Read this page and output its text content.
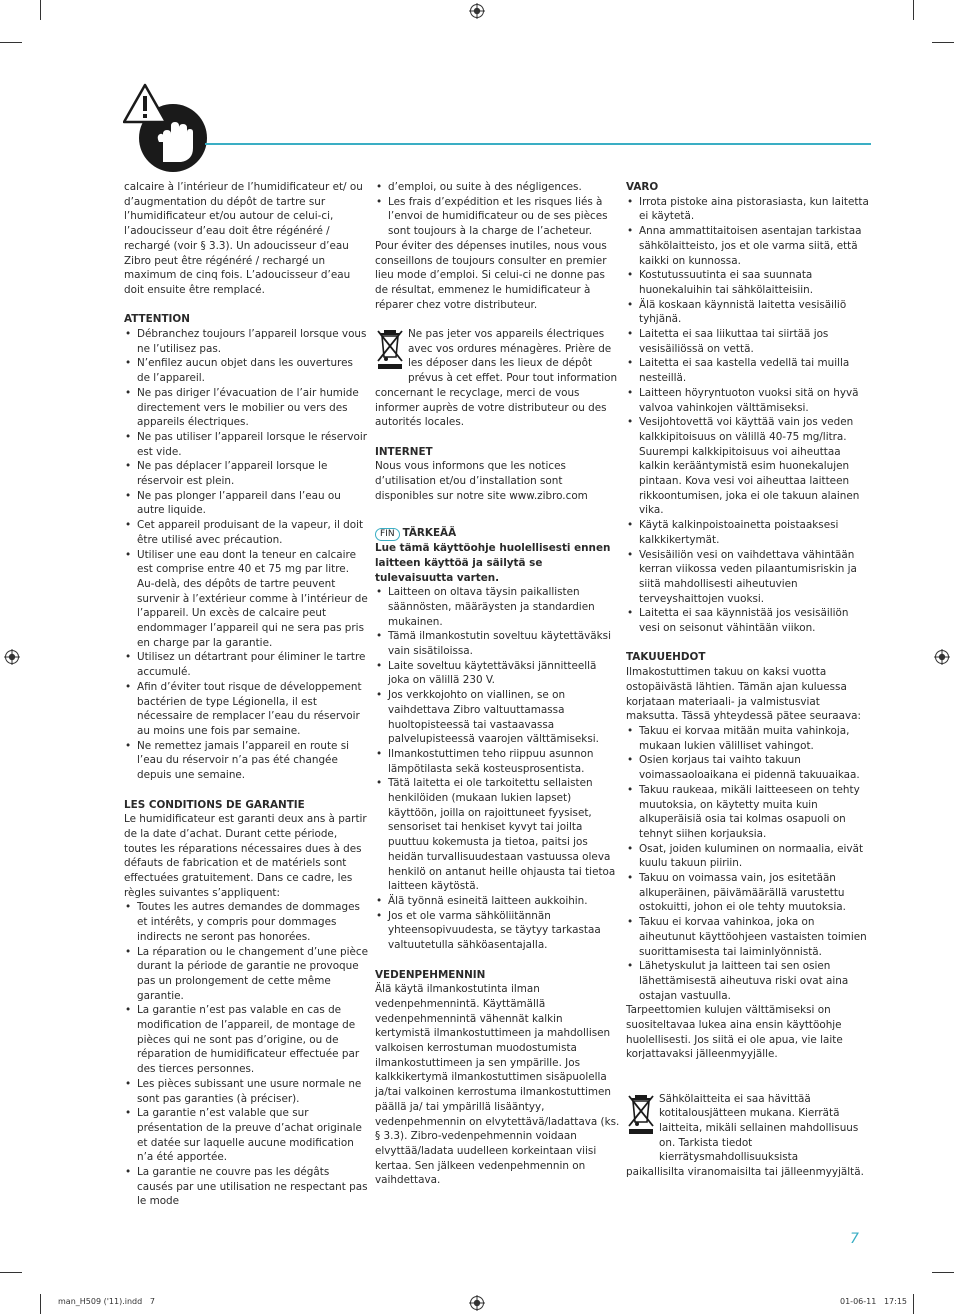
calcaire à l’intérieur de l’humidificateur et/ ou d’augmentation du dépôt de tartre sur l’humidificateur et/ou autour de celui-ci, l’adoucisseur d’eau doit être régénéré / rechargé (voir § 3.3). Un adoucisseur d’eau Zibro peut être régénéré / rechargé un maximum de cinq fois. L’adoucisseur d’eau doit ensuite être remplacé.

ATTENTION

• Débranchez toujours l’appareil lorsque vous ne l’utilisez pas.
• N’enfilez aucun objet dans les ouvertures de l’appareil.
• Ne pas diriger l’évacuation de l’air humide directement vers le mobilier ou vers des appareils électriques.
• Ne pas utiliser l’appareil lorsque le réservoir est vide.
• Ne pas déplacer l’appareil lorsque le réservoir est plein.
• Ne pas plonger l’appareil dans l’eau ou autre liquide.
• Cet appareil produisant de la vapeur, il doit être utilisé avec précaution.
• Utiliser une eau dont la teneur en calcaire est comprise entre 40 et 75 mg par litre. Au-delà, des dépôts de tartre peuvent survenir à l’extérieur comme à l’intérieur de l’appareil. Un excès de calcaire peut endommager l’appareil qui ne sera pas pris en charge par la garantie.
• Utilisez un détartrant pour éliminer le tartre accumulé.
• Afin d’éviter tout risque de développement bactérien de type Légionella, il est nécessaire de remplacer l’eau du réservoir au moins une fois par semaine.
• Ne remettez jamais l’appareil en route si l’eau du réservoir n’a pas été changée depuis une semaine.

LES CONDITIONS DE GARANTIE

Le humidificateur est garanti deux ans à partir de la date d’achat. Durant cette période, toutes les réparations nécessaires dues à des défauts de fabrication et de matériels sont effectuées gratuitement. Dans ce cadre, les règles suivantes s’appliquent:

• Toutes les autres demandes de dommages et intérêts, y compris pour dommages indirects ne seront pas honorées.
• La réparation ou le changement d’une pièce durant la période de garantie ne provoque pas un prolongement de cette même garantie.
• La garantie n’est pas valable en cas de modification de l’appareil, de montage de pièces qui ne sont pas d’origine, ou de réparation de humidificateur effectuée par des tierces personnes.
• Les pièces subissant une usure normale ne sont pas garanties (à préciser).
• La garantie n’est valable que sur présentation de la preuve d’achat originale et datée sur laquelle aucune modification n’a été apportée.
• La garantie ne couvre pas les dégâts causés par une utilisation ne respectant pas le mode
• d’emploi, ou suite à des négligences.
• Les frais d’expédition et les risques liés à l’envoi de humidificateur ou de ses pièces sont toujours à la charge de l’acheteur.

Pour éviter des dépenses inutiles, nous vous conseillons de toujours consulter en premier lieu mode d’emploi. Si celui-ci ne donne pas de résultat, emmenez le humidificateur à réparer chez votre distributeur.

Ne pas jeter vos appareils électriques avec vos ordures ménagères. Prière de les déposer dans les lieux de dépôt prévus à cet effet. Pour tout information

concernant le recyclage, merci de vous informer auprès de votre distributeur ou des autorités locales.

INTERNET

Nous vous informons que les notices d’utilisation et/ou d’installation sont disponibles sur notre site www.zibro.com

FIN TÄRKEÄÄ

Lue tämä käyttöohje huolellisesti ennen laitteen käyttöä ja säilytä se tulevaisuutta varten.

• Laitteen on oltava täysin paikallisten säännösten, määräysten ja standardien mukainen.
• Tämä ilmankostutin soveltuu käytettäväksi vain sisätiloissa.
• Laite soveltuu käytettäväksi jännitteellä joka on välillä 230 V.
• Jos verkkojohto on viallinen, se on vaihdettava Zibro valtuuttamassa huoltopisteessä tai vastaavassa palvelupisteessä vaarojen välttämiseksi.
• Ilmankostuttimen teho riippuu asunnon lämpötilasta sekä kosteusprosentista.
• Tätä laitetta ei ole tarkoitettu sellaisten henkilöiden (mukaan lukien lapset) käyttöön, joilla on rajoittuneet fyysiset, sensoriset tai henkiset kyvyt tai joilta puuttuu kokemusta ja tietoa, paitsi jos heidän turvallisuudestaan vastuussa oleva henkilö on antanut heille ohjausta tai tietoa laitteen käytöstä.
• Älä työnnä esineitä laitteen aukkoihin.
• Jos et ole varma sähköliitännän yhteensopivuudesta, se täytyy tarkastaa valtuutetulla sähköasentajalla.

VEDENPEHMENNIN

Älä käytä ilmankostutinta ilman vedenpehmennintä. Käyttämällä vedenpehmennintä vähennät kalkin kertymistä ilmankostuttimeen ja mahdollisen valkoisen kerrostuman muodostumista ilmankostuttimeen ja sen ympärille. Jos kalkkikertymä ilmankostuttimen sisäpuolella ja/tai valkoinen kerrostuma ilmankostuttimen päällä ja/ tai ympärillä lisääntyy, vedenpehmennin on elvytettävä/ladattava (ks. § 3.3). Zibro-vedenpehmennin voidaan elvyttää/ladata uudelleen korkeintaan viisi kertaa. Sen jälkeen vedenpehmennin on vaihdettava.

VARO

• Irrota pistoke aina pistorasiasta, kun laitetta ei käytetä.
• Anna ammattitaitoisen asentajan tarkistaa sähkölaitteisto, jos et ole varma siitä, että kaikki on kunnossa.
• Kostutussuutinta ei saa suunnata huonekaluihin tai sähkölaitteisiin.
• Älä koskaan käynnistä laitetta vesisäiliö tyhjänä.
• Laitetta ei saa liikuttaa tai siirtää jos vesisäiliössä on vettä.
• Laitetta ei saa kastella vedellä tai muilla nesteillä.
• Laitteen höyryntuoton vuoksi sitä on hyvä valvoa vahinkojen välttämiseksi.
• Vesijohtovettä voi käyttää vain jos veden kalkkipitoisuus on välillä 40-75 mg/litra. Suurempi kalkkipitoisuus voi aiheuttaa kalkin kerääntymistä esim huonekalujen pintaan. Kova vesi voi aiheuttaa laitteen rikkoontumisen, joka ei ole takuun alainen vika.
• Käytä kalkinpoistoainetta poistaaksesi kalkkikertymät.
• Vesisäiliön vesi on vaihdettava vähintään kerran viikossa veden pilaantumisriskin ja siitä mahdollisesti aiheutuvien terveyshaittojen vuoksi.
• Laitetta ei saa käynnistää jos vesisäiliön vesi on seisonut vähintään viikon.

TAKUUEHDOT

Ilmakostuttimen takuu on kaksi vuotta ostopäivästä lähtien. Tämän ajan kuluessa korjataan materiaali- ja valmistusviat maksutta. Tässä yhteydessä pätee seuraava:

• Takuu ei korvaa mitään muita vahinkoja, mukaan lukien välilliset vahingot.
• Osien korjaus tai vaihto takuun voimassaoloaikana ei pidennä takuuaikaa.
• Takuu raukeaa, mikäli laitteeseen on tehty muutoksia, on käytetty muita kuin alkuperäisiä osia tai kolmas osapuoli on tehnyt siihen korjauksia.
• Osat, joiden kuluminen on normaalia, eivät kuulu takuun piiriin.
• Takuu on voimassa vain, jos esitetään alkuperäinen, päivämäärällä varustettu ostokuitti, johon ei ole tehty muutoksia.
• Takuu ei korvaa vahinkoa, joka on aiheutunut käyttöohjeen vastaisten toimien suorittamisesta tai laiminlyönnistä.
• Lähetyskulut ja laitteen tai sen osien lähettämisestä aiheutuva riski ovat aina ostajan vastuulla.

Tarpeettomien kulujen välttämiseksi on suositeltavaa lukea aina ensin käyttöohje huolellisesti. Jos siitä ei ole apua, vie laite korjattavaksi jälleenmyyjälle.

Sähkölaitteita ei saa hävittää kotitalousjätteen mukana. Kierrätä laitteita, mikäli sellainen mahdollisuus on. Tarkista tiedot kierrätysmahdollisuuksista

paikallisilta viranomaisilta tai jälleenmyyjältä.

7
man_H509 ('11).indd   7	01-06-11   17:15
